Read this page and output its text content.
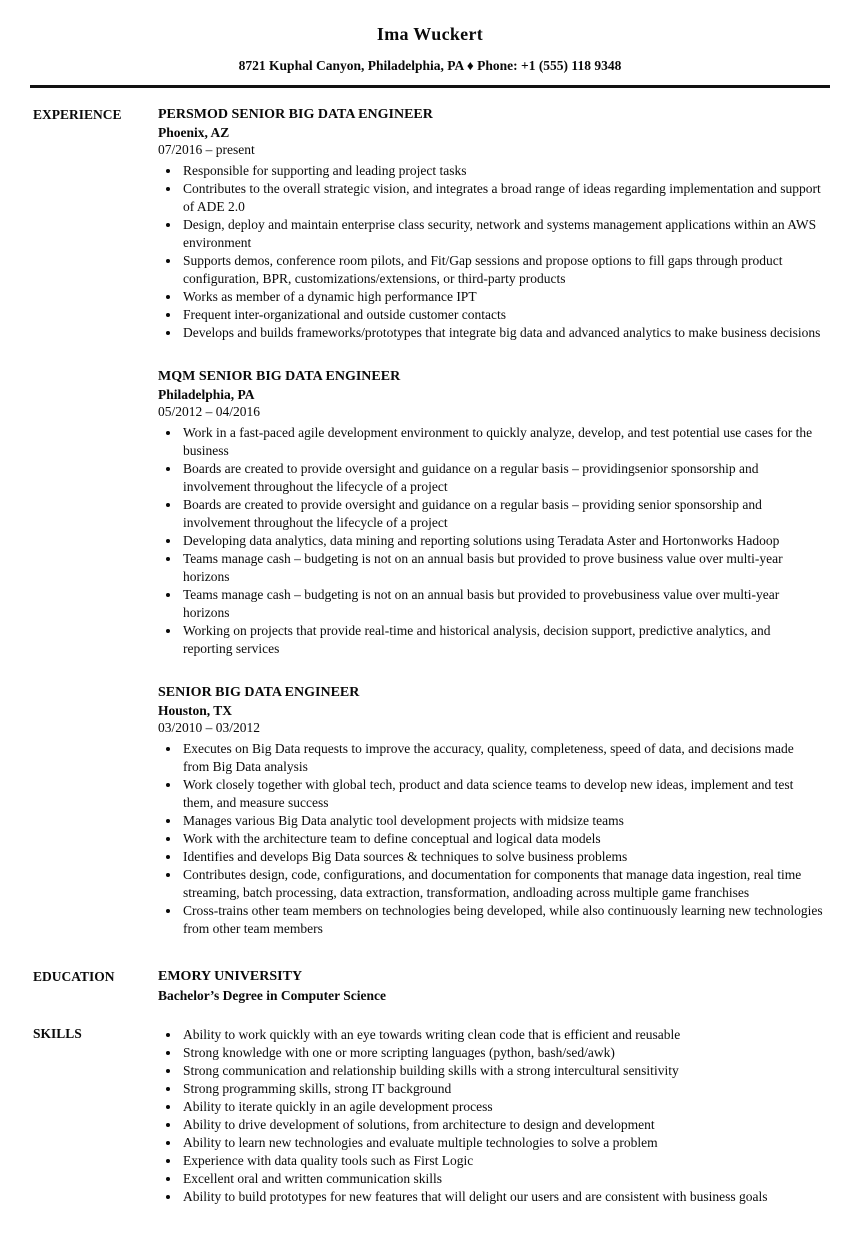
Ima Wuckert
8721 Kuphal Canyon, Philadelphia, PA ♦ Phone: +1 (555) 118 9348
EXPERIENCE	PERSMOD SENIOR BIG DATA ENGINEER
Phoenix, AZ
07/2016 – present
• Responsible for supporting and leading project tasks
• Contributes to the overall strategic vision, and integrates a broad range of ideas regarding implementation and support of ADE 2.0
• Design, deploy and maintain enterprise class security, network and systems management applications within an AWS environment
• Supports demos, conference room pilots, and Fit/Gap sessions and propose options to fill gaps through product configuration, BPR, customizations/extensions, or third-party products
• Works as member of a dynamic high performance IPT
• Frequent inter-organizational and outside customer contacts
• Develops and builds frameworks/prototypes that integrate big data and advanced analytics to make business decisions
MQM SENIOR BIG DATA ENGINEER
Philadelphia, PA
05/2012 – 04/2016
• Work in a fast-paced agile development environment to quickly analyze, develop, and test potential use cases for the business
• Boards are created to provide oversight and guidance on a regular basis – providingsenior sponsorship and involvement throughout the lifecycle of a project
• Boards are created to provide oversight and guidance on a regular basis – providing senior sponsorship and involvement throughout the lifecycle of a project
• Developing data analytics, data mining and reporting solutions using Teradata Aster and Hortonworks Hadoop
• Teams manage cash – budgeting is not on an annual basis but provided to prove business value over multi-year horizons
• Teams manage cash – budgeting is not on an annual basis but provided to provebusiness value over multi-year horizons
• Working on projects that provide real-time and historical analysis, decision support, predictive analytics, and reporting services
SENIOR BIG DATA ENGINEER
Houston, TX
03/2010 – 03/2012
• Executes on Big Data requests to improve the accuracy, quality, completeness, speed of data, and decisions made from Big Data analysis
• Work closely together with global tech, product and data science teams to develop new ideas, implement and test them, and measure success
• Manages various Big Data analytic tool development projects with midsize teams
• Work with the architecture team to define conceptual and logical data models
• Identifies and develops Big Data sources & techniques to solve business problems
• Contributes design, code, configurations, and documentation for components that manage data ingestion, real time streaming, batch processing, data extraction, transformation, andloading across multiple game franchises
• Cross-trains other team members on technologies being developed, while also continuously learning new technologies from other team members
EDUCATION	EMORY UNIVERSITY
Bachelor’s Degree in Computer Science
SKILLS	• Ability to work quickly with an eye towards writing clean code that is efficient and reusable
• Strong knowledge with one or more scripting languages (python, bash/sed/awk)
• Strong communication and relationship building skills with a strong intercultural sensitivity
• Strong programming skills, strong IT background
• Ability to iterate quickly in an agile development process
• Ability to drive development of solutions, from architecture to design and development
• Ability to learn new technologies and evaluate multiple technologies to solve a problem
• Experience with data quality tools such as First Logic
• Excellent oral and written communication skills
• Ability to build prototypes for new features that will delight our users and are consistent with business goals
